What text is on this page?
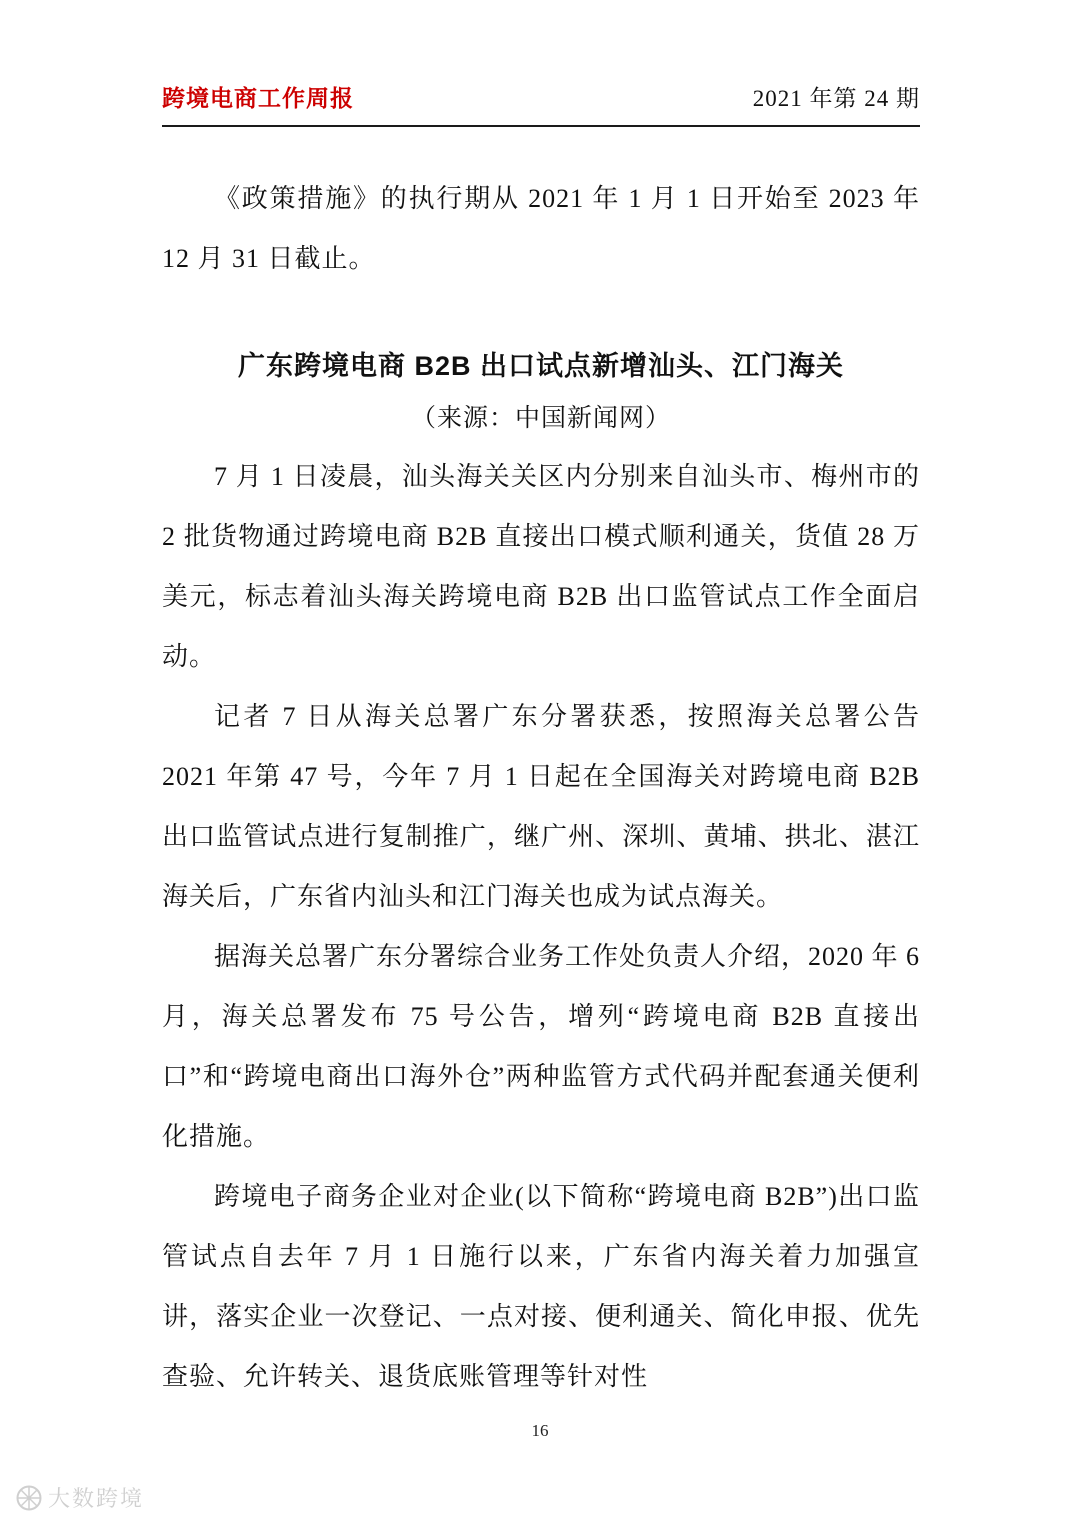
跨境电商工作周报	2021 年第 24 期

《政策措施》的执行期从 2021 年 1 月 1 日开始至 2023 年 12 月 31 日截止。

广东跨境电商 B2B 出口试点新增汕头、江门海关

（来源：中国新闻网）

7 月 1 日凌晨，汕头海关关区内分别来自汕头市、梅州市的 2 批货物通过跨境电商 B2B 直接出口模式顺利通关，货值 28 万美元，标志着汕头海关跨境电商 B2B 出口监管试点工作全面启动。

记者 7 日从海关总署广东分署获悉，按照海关总署公告 2021 年第 47 号，今年 7 月 1 日起在全国海关对跨境电商 B2B 出口监管试点进行复制推广，继广州、深圳、黄埔、拱北、湛江海关后，广东省内汕头和江门海关也成为试点海关。

据海关总署广东分署综合业务工作处负责人介绍，2020 年 6 月，海关总署发布 75 号公告，增列“跨境电商 B2B 直接出口”和“跨境电商出口海外仓”两种监管方式代码并配套通关便利化措施。

跨境电子商务企业对企业(以下简称“跨境电商 B2B”)出口监管试点自去年 7 月 1 日施行以来，广东省内海关着力加强宣讲，落实企业一次登记、一点对接、便利通关、简化申报、优先查验、允许转关、退货底账管理等针对性

16
大数跨境
